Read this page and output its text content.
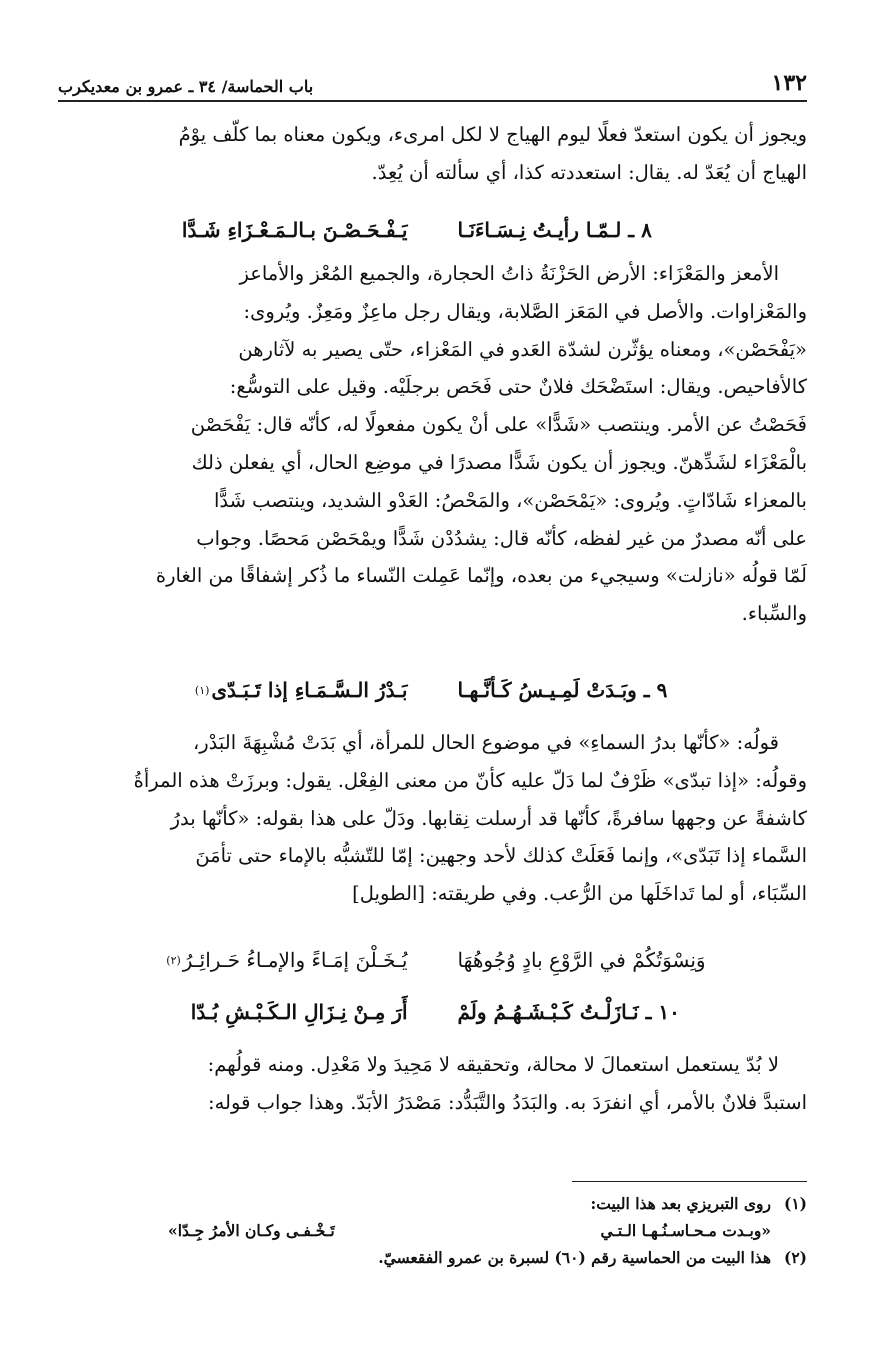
١٣٢
باب الحماسة/ ٣٤ ـ عمرو بن معديكرب

ويجوز أن يكون استعدّ فعلًا ليوم الهياج لا لكل امرىء، ويكون معناه بما كلّف يوْمُ

الهياج أن يُعَدّ له. يقال: استعددته كذا، أي سألته أن يُعِدّ.

٨ ـ لـمّـا رأيـتُ نِـسَـاءَنَـا
يَـفْـحَـصْـنَ بـالـمَـعْـزَاءِ شَـدَّا

الأمعز والمَعْزَاء: الأرض الحَزْنَةُ ذاتُ الحجارة، والجميع المُعْز والأماعز

والمَعْزاوات. والأصل في المَعَز الصَّلابة، ويقال رجل ماعِزٌ ومَعِزٌ. ويُروى:

«يَفْحَصْن»، ومعناه يؤثّرن لشدّة العَدو في المَعْزاء، حتّى يصير به لآثارهن

كالأفاحيص. ويقال: استَضْحَك فلانٌ حتى فَحَص برجلَيْه. وقيل على التوسُّع:

فَحَصْتُ عن الأمر. وينتصب «شَدًّا» على أنْ يكون مفعولًا له، كأنّه قال: يَفْحَصْن

بالْمَعْزَاء لشَدِّهنّ. ويجوز أن يكون شَدًّا مصدرًا في موضِع الحال، أي يفعلن ذلك

بالمعزاء شَادّاتٍ. ويُروى: «يَمْحَصْن»، والمَحْصُ: العَدْو الشديد، وينتصب شَدًّا

على أنّه مصدرٌ من غير لفظه، كأنّه قال: يشدُدْن شَدًّا ويمْحَصْن مَحصًا. وجواب

لَمّا قولُه «نازلت» وسيجيء من بعده، وإنّما عَمِلت النّساء ما ذُكر إشفاقًا من الغارة

والسِّباء.

٩ ـ وبَـدَتْ لَمِـيـسُ كَـأنَّـهـا
بَـدْرُ الـسَّـمَـاءِ إذا تَـبَـدّى
(١)

قولُه: «كأنّها بدرُ السماءِ» في موضوع الحال للمرأة، أي بَدَتْ مُشْبِهَةَ البَدْر،

وقولُه: «إذا تبدّى» ظَرْفٌ لما دَلّ عليه كأنّ من معنى الفِعْل. يقول: وبرزَتْ هذه المرأةُ

كاشفةً عن وجهها سافرةً، كأنّها قد أرسلت نِقابها. ودَلّ على هذا بقوله: «كأنّها بدرُ

السَّماء إذا تَبَدّى»، وإنما فَعَلَتْ كذلك لأحد وجهين: إمّا للتّشبُّه بالإماء حتى تأمَنَ

السِّبَاء، أو لما تَداخَلَها من الرُّعب. وفي طريقته: [الطويل]

وَنِسْوَتُكُمْ في الرَّوْعِ بادٍ وُجُوهُهَا
يُـخَـلْنَ إمَـاءً والإمـاءُ حَـرائِـرُ
(٢)
١٠ ـ نَـازَلْـتُ كَـبْـشَـهُـمُ ولَمْ
أَرَ مِـنْ نِـزَالِ الـكَـبْـشِ بُـدّا

لا بُدّ يستعمل استعمالَ لا محالة، وتحقيقه لا مَحِيدَ ولا مَعْدِل. ومنه قولُهم:

استبدَّ فلانٌ بالأمر، أي انفرَدَ به. والبَدَدُ والتَّبَدُّد: مَصْدَرُ الأبَدّ. وهذا جواب قوله:

(١)
روى التبريزي بعد هذا البيت:
«وبـدت مـحـاسـنُـهـا الـتـي
تَـخْـفـى وكـان الأمرُ جِـدّا»
(٢)
هذا البيت من الحماسية رقم (٦٠) لسبرة بن عمرو الفقعسيّ.
